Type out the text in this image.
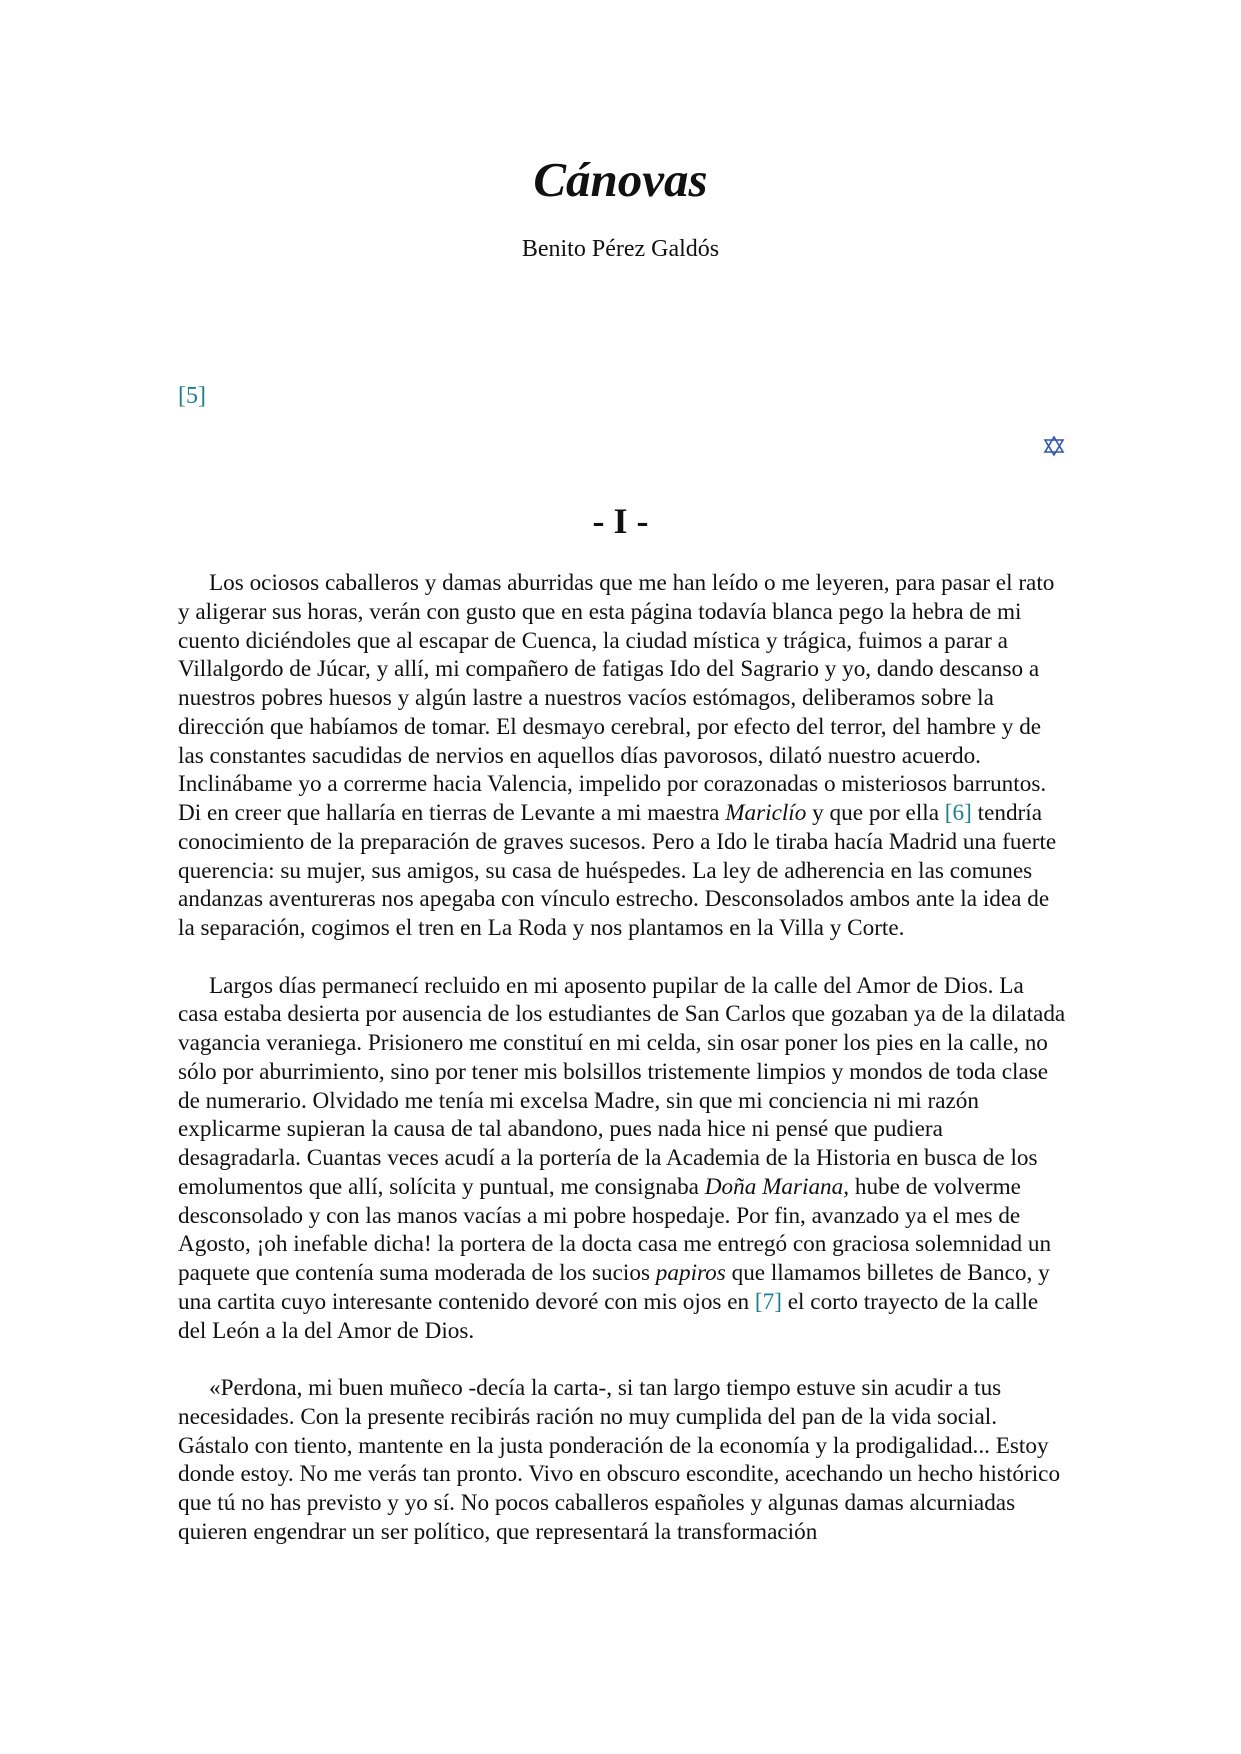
Cánovas
Benito Pérez Galdós
[5]
- I -

Los ociosos caballeros y damas aburridas que me han leído o me leyeren, para pasar el rato y aligerar sus horas, verán con gusto que en esta página todavía blanca pego la hebra de mi cuento diciéndoles que al escapar de Cuenca, la ciudad mística y trágica, fuimos a parar a Villalgordo de Júcar, y allí, mi compañero de fatigas Ido del Sagrario y yo, dando descanso a nuestros pobres huesos y algún lastre a nuestros vacíos estómagos, deliberamos sobre la dirección que habíamos de tomar. El desmayo cerebral, por efecto del terror, del hambre y de las constantes sacudidas de nervios en aquellos días pavorosos, dilató nuestro acuerdo. Inclinábame yo a correrme hacia Valencia, impelido por corazonadas o misteriosos barruntos. Di en creer que hallaría en tierras de Levante a mi maestra Mariclío y que por ella [6] tendría conocimiento de la preparación de graves sucesos. Pero a Ido le tiraba hacía Madrid una fuerte querencia: su mujer, sus amigos, su casa de huéspedes. La ley de adherencia en las comunes andanzas aventureras nos apegaba con vínculo estrecho. Desconsolados ambos ante la idea de la separación, cogimos el tren en La Roda y nos plantamos en la Villa y Corte.

Largos días permanecí recluido en mi aposento pupilar de la calle del Amor de Dios. La casa estaba desierta por ausencia de los estudiantes de San Carlos que gozaban ya de la dilatada vagancia veraniega. Prisionero me constituí en mi celda, sin osar poner los pies en la calle, no sólo por aburrimiento, sino por tener mis bolsillos tristemente limpios y mondos de toda clase de numerario. Olvidado me tenía mi excelsa Madre, sin que mi conciencia ni mi razón explicarme supieran la causa de tal abandono, pues nada hice ni pensé que pudiera desagradarla. Cuantas veces acudí a la portería de la Academia de la Historia en busca de los emolumentos que allí, solícita y puntual, me consignaba Doña Mariana, hube de volverme desconsolado y con las manos vacías a mi pobre hospedaje. Por fin, avanzado ya el mes de Agosto, ¡oh inefable dicha! la portera de la docta casa me entregó con graciosa solemnidad un paquete que contenía suma moderada de los sucios papiros que llamamos billetes de Banco, y una cartita cuyo interesante contenido devoré con mis ojos en [7] el corto trayecto de la calle del León a la del Amor de Dios.

«Perdona, mi buen muñeco -decía la carta-, si tan largo tiempo estuve sin acudir a tus necesidades. Con la presente recibirás ración no muy cumplida del pan de la vida social. Gástalo con tiento, mantente en la justa ponderación de la economía y la prodigalidad... Estoy donde estoy. No me verás tan pronto. Vivo en obscuro escondite, acechando un hecho histórico que tú no has previsto y yo sí. No pocos caballeros españoles y algunas damas alcurniadas quieren engendrar un ser político, que representará la transformación
